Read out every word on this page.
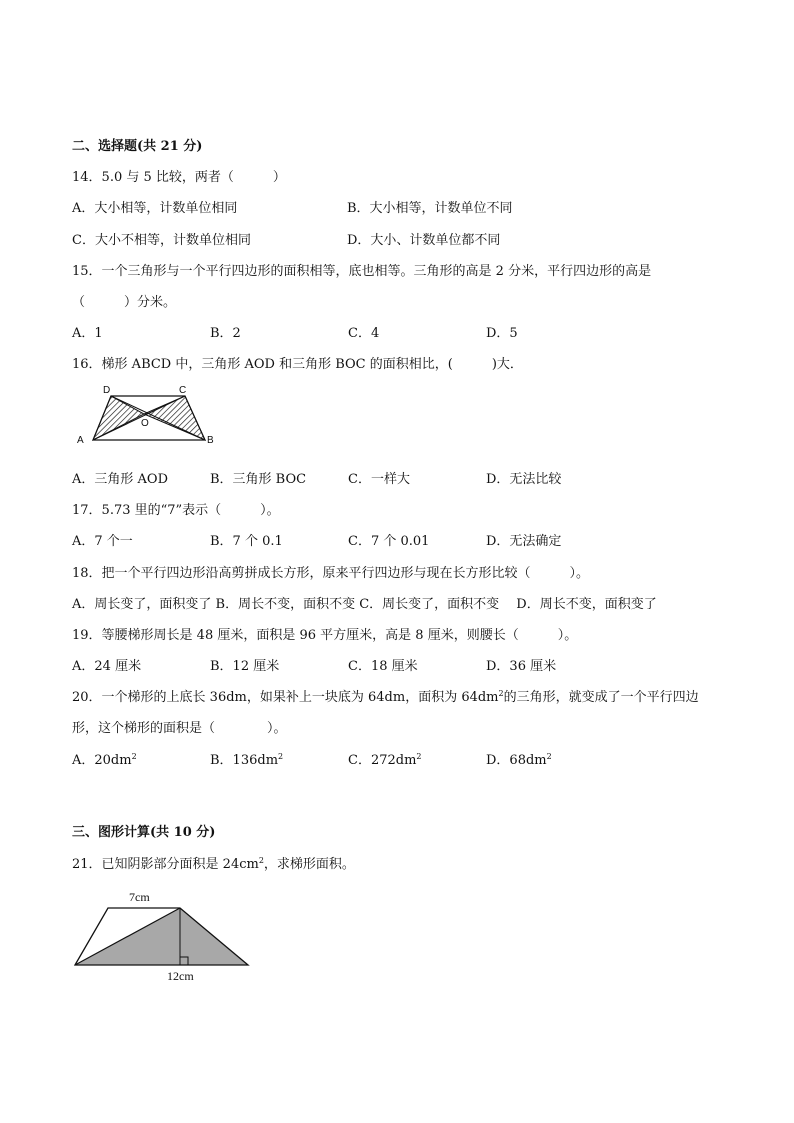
二、选择题(共 21 分)
14．5.0 与 5 比较，两者（　　　）
A．大小相等，计数单位相同	B．大小相等，计数单位不同
C．大小不相等，计数单位相同	D．大小、计数单位都不同
15．一个三角形与一个平行四边形的面积相等，底也相等。三角形的高是 2 分米，平行四边形的高是
（　　　）分米。
A．1	B．2	C．4	D．5
16．梯形 ABCD 中，三角形 AOD 和三角形 BOC 的面积相比，(　　　)大．
A	B
C
D
O
A．三角形 AOD	B．三角形 BOC	C．一样大	D．无法比较
17．5.73 里的“7”表示（　　　）。
A．7 个一	B．7 个 0.1	C．7 个 0.01	D．无法确定
18．把一个平行四边形沿高剪拼成长方形，原来平行四边形与现在长方形比较（　　　）。
A．周长变了，面积变了 B．周长不变，面积不变 C．周长变了，面积不变　 D．周长不变，面积变了
19．等腰梯形周长是 48 厘米，面积是 96 平方厘米，高是 8 厘米，则腰长（　　　）。
A．24 厘米	B．12 厘米	C．18 厘米	D．36 厘米
20．一个梯形的上底长 36dm，如果补上一块底为 64dm，面积为 $64dm^2$的三角形，就变成了一个平行四边
形，这个梯形的面积是（　　　　）。
A．$20dm^2$	B．$136dm^2$	C．$272dm^2$	D．$68dm^2$
三、图形计算(共 10 分)
21．已知阴影部分面积是 $24cm^2$，求梯形面积。
7cm
12cm
